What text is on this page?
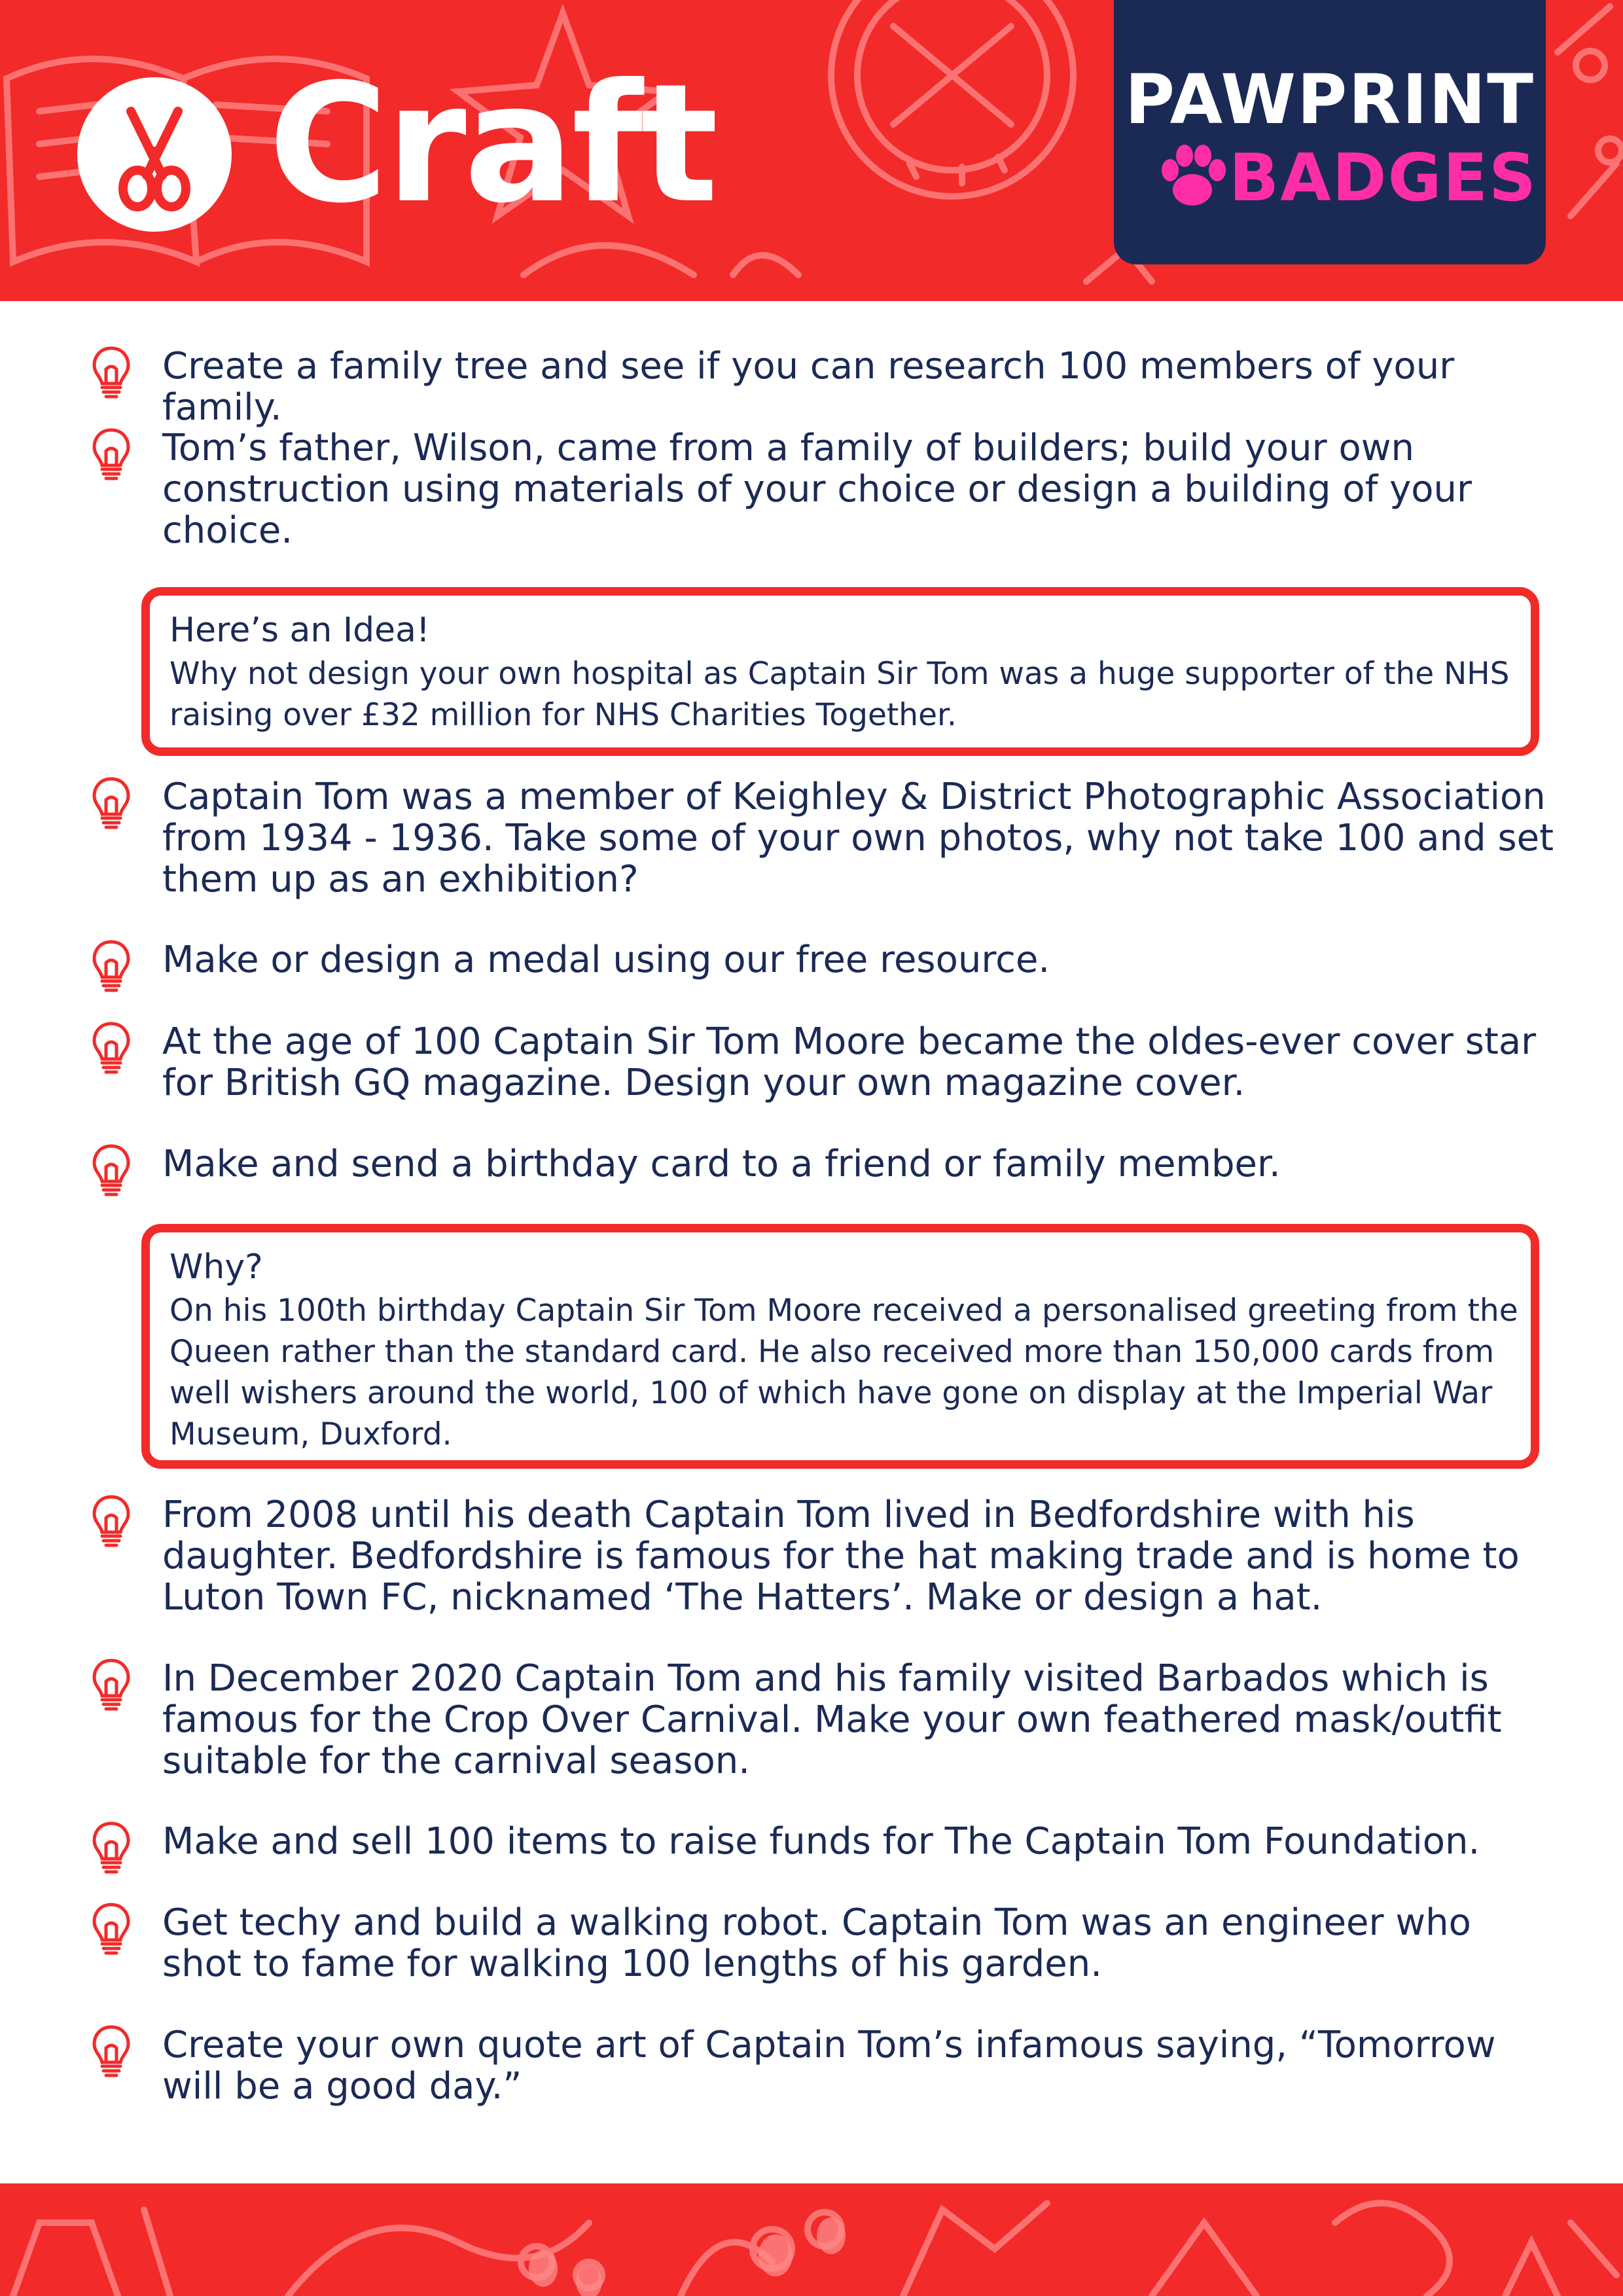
Craft	PAWPRINT
BADGES

Create a family tree and see if you can research 100 members of your family.

Tom’s father, Wilson, came from a family of builders; build your own construction using materials of your choice or design a building of your choice.

Here’s an Idea!

Why not design your own hospital as Captain Sir Tom was a huge supporter of the NHS raising over £32 million for NHS Charities Together.

Captain Tom was a member of Keighley & District Photographic Association from 1934 - 1936. Take some of your own photos, why not take 100 and set them up as an exhibition?

Make or design a medal using our free resource.

At the age of 100 Captain Sir Tom Moore became the oldes-ever cover star for British GQ magazine. Design your own magazine cover.

Make and send a birthday card to a friend or family member.

Why?

On his 100th birthday Captain Sir Tom Moore received a personalised greeting from the Queen rather than the standard card. He also received more than 150,000 cards from well wishers around the world, 100 of which have gone on display at the Imperial War Museum, Duxford.

From 2008 until his death Captain Tom lived in Bedfordshire with his daughter. Bedfordshire is famous for the hat making trade and is home to Luton Town FC, nicknamed ‘The Hatters’. Make or design a hat.

In December 2020 Captain Tom and his family visited Barbados which is famous for the Crop Over Carnival. Make your own feathered mask/outfit suitable for the carnival season.

Make and sell 100 items to raise funds for The Captain Tom Foundation.

Get techy and build a walking robot. Captain Tom was an engineer who shot to fame for walking 100 lengths of his garden.

Create your own quote art of Captain Tom’s infamous saying, “Tomorrow will be a good day.”
